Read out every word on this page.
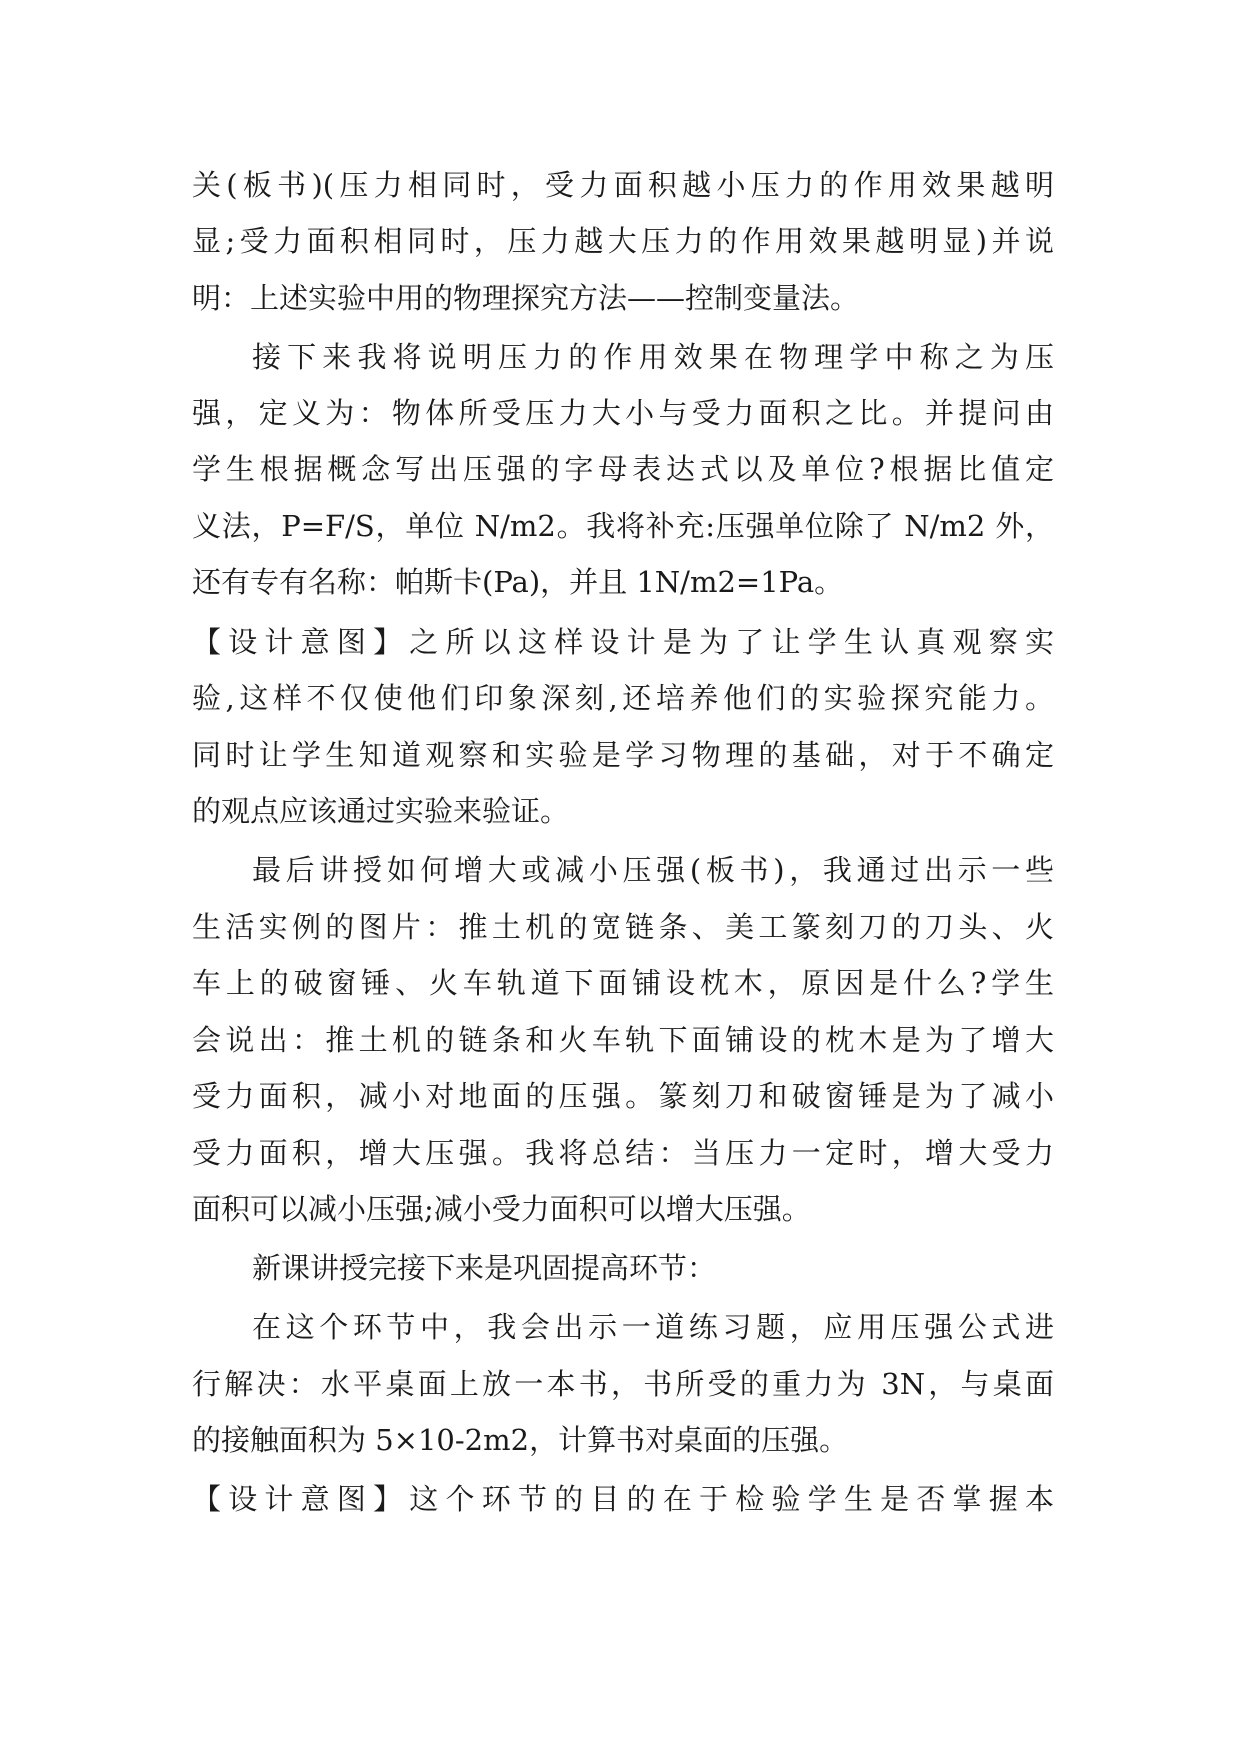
关(板书)(压力相同时，受力面积越小压力的作用效果越明
显;受力面积相同时，压力越大压力的作用效果越明显)并说
明：上述实验中用的物理探究方法——控制变量法。
接下来我将说明压力的作用效果在物理学中称之为压
强，定义为：物体所受压力大小与受力面积之比。并提问由
学生根据概念写出压强的字母表达式以及单位?根据比值定
义法，P=F/S，单位 N/m2。我将补充:压强单位除了 N/m2 外，
还有专有名称：帕斯卡(Pa)，并且 1N/m2=1Pa。
【设计意图】之所以这样设计是为了让学生认真观察实
验,这样不仅使他们印象深刻,还培养他们的实验探究能力。
同时让学生知道观察和实验是学习物理的基础，对于不确定
的观点应该通过实验来验证。
最后讲授如何增大或减小压强(板书)，我通过出示一些
生活实例的图片：推土机的宽链条、美工篆刻刀的刀头、火
车上的破窗锤、火车轨道下面铺设枕木，原因是什么?学生
会说出：推土机的链条和火车轨下面铺设的枕木是为了增大
受力面积，减小对地面的压强。篆刻刀和破窗锤是为了减小
受力面积，增大压强。我将总结：当压力一定时，增大受力
面积可以减小压强;减小受力面积可以增大压强。
新课讲授完接下来是巩固提高环节：
在这个环节中，我会出示一道练习题，应用压强公式进
行解决：水平桌面上放一本书，书所受的重力为 3N，与桌面
的接触面积为 5×10-2m2，计算书对桌面的压强。
【设计意图】这个环节的目的在于检验学生是否掌握本
